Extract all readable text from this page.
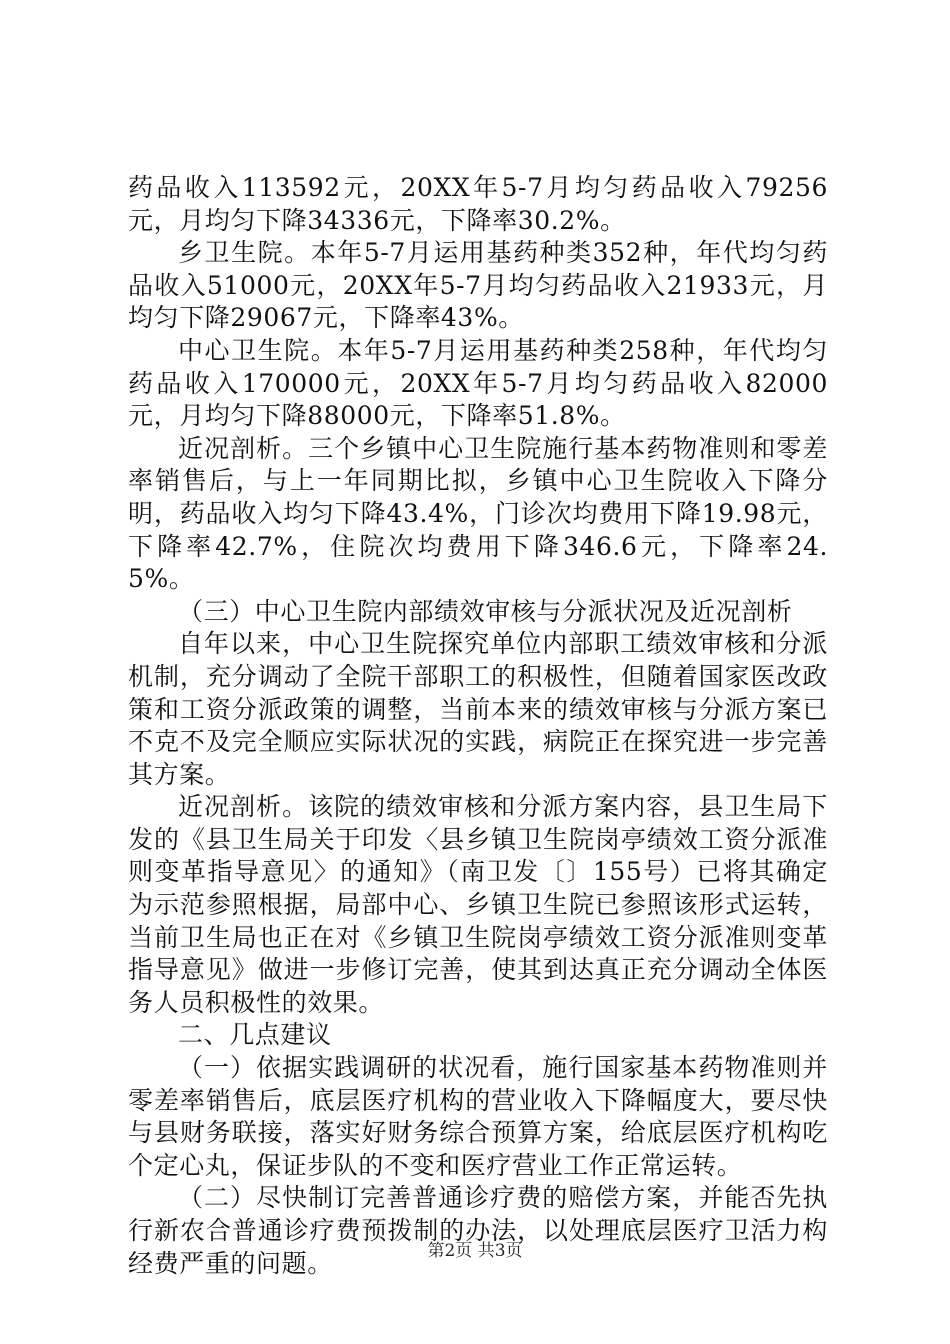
药品收入113592元，20XX年5-7月均匀药品收入79256元，月均匀下降34336元，下降率30.2%。

乡卫生院。本年5-7月运用基药种类352种，年代均匀药品收入51000元，20XX年5-7月均匀药品收入21933元，月均匀下降29067元，下降率43%。

中心卫生院。本年5-7月运用基药种类258种，年代均匀药品收入170000元，20XX年5-7月均匀药品收入82000元，月均匀下降88000元，下降率51.8%。

近况剖析。三个乡镇中心卫生院施行基本药物准则和零差率销售后，与上一年同期比拟，乡镇中心卫生院收入下降分明，药品收入均匀下降43.4%，门诊次均费用下降19.98元，下降率42.7%，住院次均费用下降346.6元，下降率24.5%。

（三）中心卫生院内部绩效审核与分派状况及近况剖析

自年以来，中心卫生院探究单位内部职工绩效审核和分派机制，充分调动了全院干部职工的积极性，但随着国家医改政策和工资分派政策的调整，当前本来的绩效审核与分派方案已不克不及完全顺应实际状况的实践，病院正在探究进一步完善其方案。

近况剖析。该院的绩效审核和分派方案内容，县卫生局下发的《县卫生局关于印发〈县乡镇卫生院岗亭绩效工资分派准则变革指导意见〉的通知》（南卫发〔〕155号）已将其确定为示范参照根据，局部中心、乡镇卫生院已参照该形式运转，当前卫生局也正在对《乡镇卫生院岗亭绩效工资分派准则变革指导意见》做进一步修订完善，使其到达真正充分调动全体医务人员积极性的效果。

二、几点建议

（一）依据实践调研的状况看，施行国家基本药物准则并零差率销售后，底层医疗机构的营业收入下降幅度大，要尽快与县财务联接，落实好财务综合预算方案，给底层医疗机构吃个定心丸，保证步队的不变和医疗营业工作正常运转。

（二）尽快制订完善普通诊疗费的赔偿方案，并能否先执行新农合普通诊疗费预拨制的办法，以处理底层医疗卫活力构经费严重的问题。	第2页 共3页
